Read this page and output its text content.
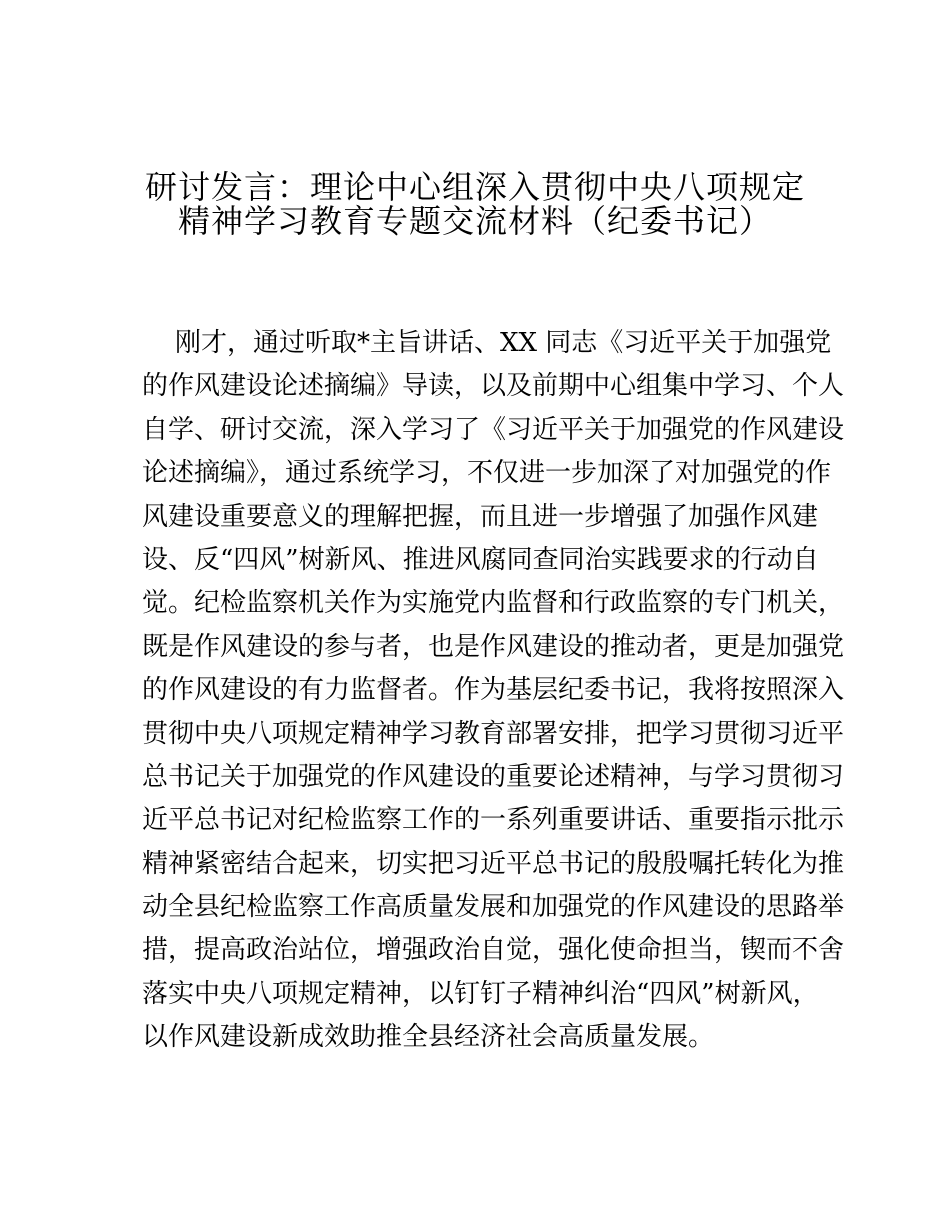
研讨发言：理论中心组深入贯彻中央八项规定
精神学习教育专题交流材料（纪委书记）
刚才，通过听取*主旨讲话、XX 同志《习近平关于加强党
的作风建设论述摘编》导读，以及前期中心组集中学习、个人
自学、研讨交流，深入学习了《习近平关于加强党的作风建设
论述摘编》，通过系统学习，不仅进一步加深了对加强党的作
风建设重要意义的理解把握，而且进一步增强了加强作风建
设、反“四风”树新风、推进风腐同查同治实践要求的行动自
觉。纪检监察机关作为实施党内监督和行政监察的专门机关，
既是作风建设的参与者，也是作风建设的推动者，更是加强党
的作风建设的有力监督者。作为基层纪委书记，我将按照深入
贯彻中央八项规定精神学习教育部署安排，把学习贯彻习近平
总书记关于加强党的作风建设的重要论述精神，与学习贯彻习
近平总书记对纪检监察工作的一系列重要讲话、重要指示批示
精神紧密结合起来，切实把习近平总书记的殷殷嘱托转化为推
动全县纪检监察工作高质量发展和加强党的作风建设的思路举
措，提高政治站位，增强政治自觉，强化使命担当，锲而不舍
落实中央八项规定精神，以钉钉子精神纠治“四风”树新风，
以作风建设新成效助推全县经济社会高质量发展。
